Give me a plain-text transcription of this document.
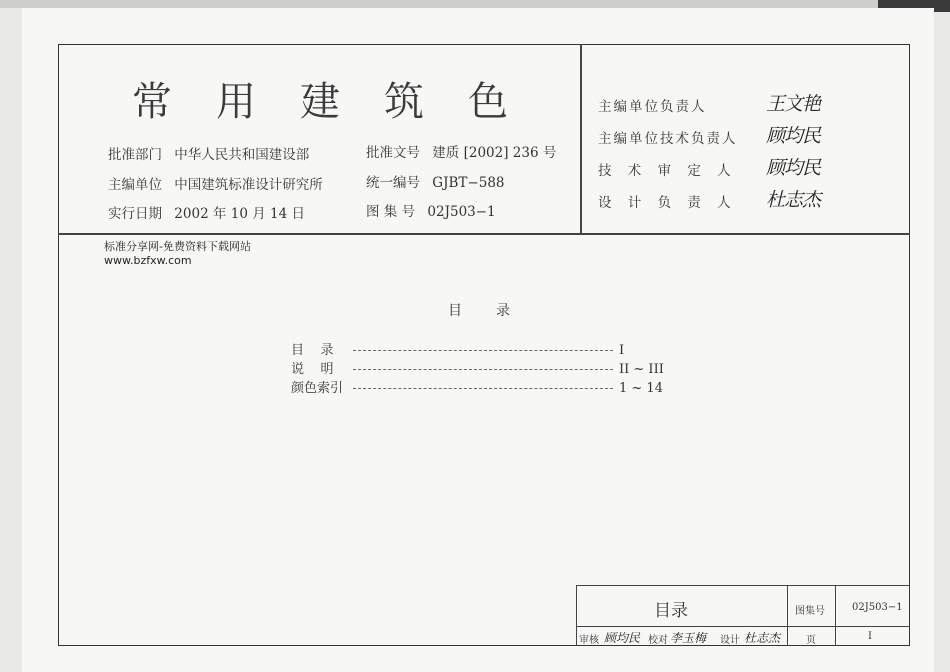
常用建筑色
批准部门 中华人民共和国建设部
主编单位 中国建筑标准设计研究所
实行日期 2002 年 10 月 14 日
批准文号 建质 [2002] 236 号
统一编号 GJBT−588
图 集 号 02J503−1
主编单位负责人	王文艳
主编单位技术负责人 顾均民
技 术 审 定 人 顾均民
设 计 负 责 人 杜志杰
标准分享网-免费资料下载网站
www.bzfxw.com
目录
目    录	I
说    明	II ~ III
颜色索引	1 ~ 14
目录	图集号	02J503−1
审核 顾均民 校对 李玉梅 设计 杜志杰	页	I
